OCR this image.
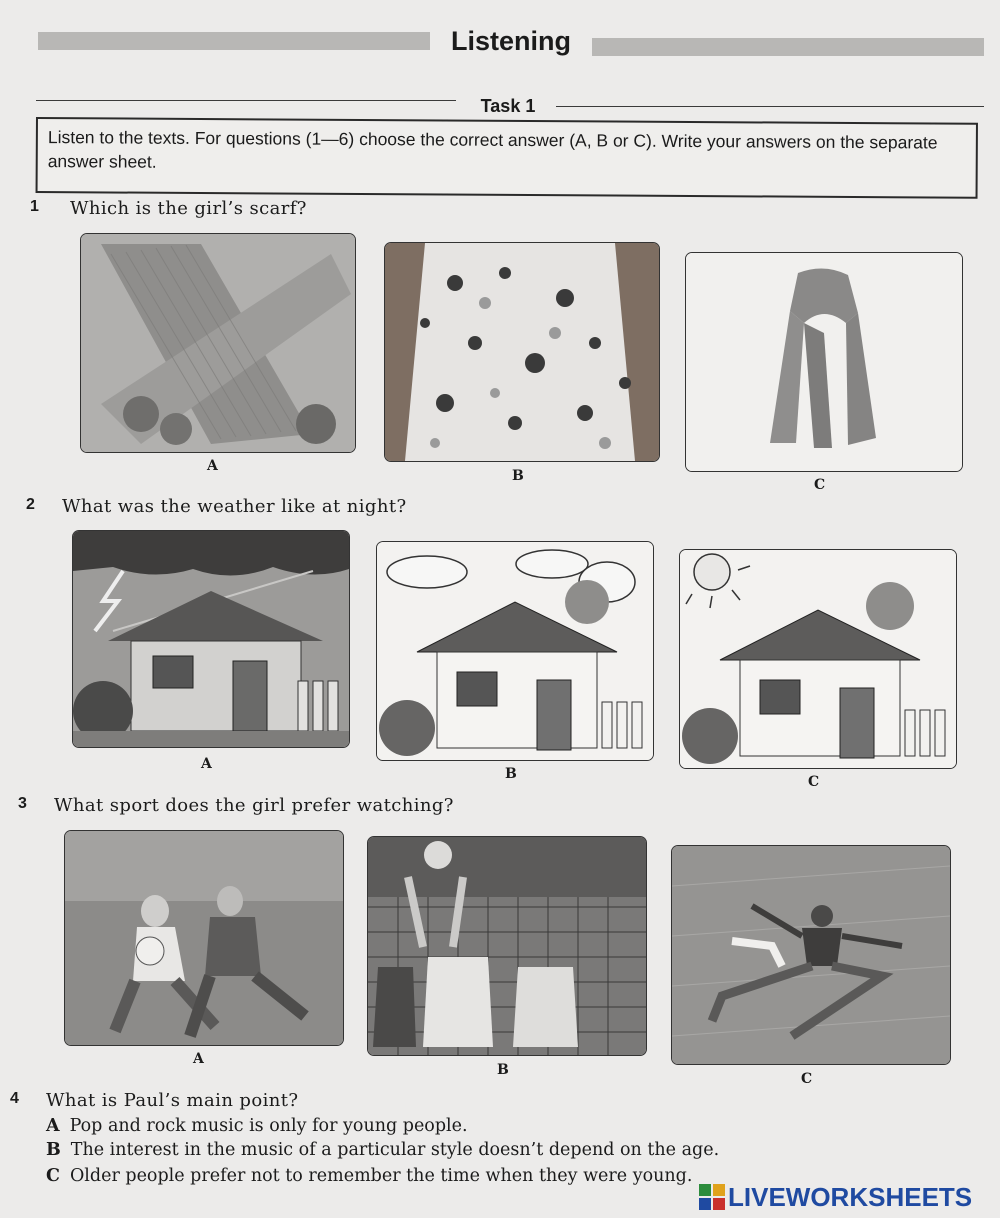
Listening
Task 1
Listen to the texts. For questions (1—6) choose the correct answer (A, B or C). Write your answers on the separate answer sheet.
1 Which is the girl’s scarf?
A
B
C
2 What was the weather like at night?
A
B	C
3 What sport does the girl prefer watching?
A
B
C
4 What is Paul’s main point?
A Pop and rock music is only for young people.
B The interest in the music of a particular style doesn’t depend on the age.
C Older people prefer not to remember the time when they were young.
LIVEWORKSHEETS
